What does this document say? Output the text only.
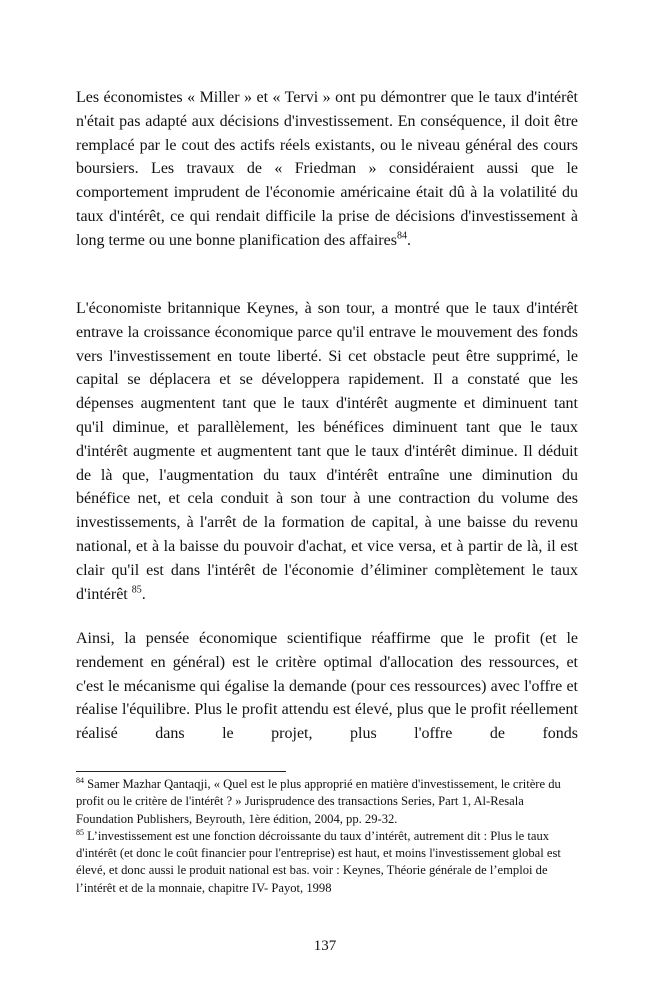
Les économistes « Miller » et « Tervi » ont pu démontrer que le taux d'intérêt n'était pas adapté aux décisions d'investissement. En conséquence, il doit être remplacé par le cout des actifs réels existants, ou le niveau général des cours boursiers. Les travaux de « Friedman » considéraient aussi que le comportement imprudent de l'économie américaine était dû à la volatilité du taux d'intérêt, ce qui rendait difficile la prise de décisions d'investissement à long terme ou une bonne planification des affaires$^{84}$.

L'économiste britannique Keynes, à son tour, a montré que le taux d'intérêt entrave la croissance économique parce qu'il entrave le mouvement des fonds vers l'investissement en toute liberté. Si cet obstacle peut être supprimé, le capital se déplacera et se développera rapidement. Il a constaté que les dépenses augmentent tant que le taux d'intérêt augmente et diminuent tant qu'il diminue, et parallèlement, les bénéfices diminuent tant que le taux d'intérêt augmente et augmentent tant que le taux d'intérêt diminue. Il déduit de là que, l'augmentation du taux d'intérêt entraîne une diminution du bénéfice net, et cela conduit à son tour à une contraction du volume des investissements, à l'arrêt de la formation de capital, à une baisse du revenu national, et à la baisse du pouvoir d'achat, et vice versa, et à partir de là, il est clair qu'il est dans l'intérêt de l'économie d’éliminer complètement le taux d'intérêt $^{85}$.

Ainsi, la pensée économique scientifique réaffirme que le profit (et le rendement en général) est le critère optimal d'allocation des ressources, et c'est le mécanisme qui égalise la demande (pour ces ressources) avec l'offre et réalise l'équilibre. Plus le profit attendu est élevé, plus que le profit réellement réalisé dans le projet, plus l'offre de fonds

$^{84}$ Samer Mazhar Qantaqji, « Quel est le plus approprié en matière d'investissement, le critère du profit ou le critère de l'intérêt ? » Jurisprudence des transactions Series, Part 1, Al-Resala Foundation Publishers, Beyrouth, 1ère édition, 2004, pp. 29-32.

$^{85}$ L’investissement est une fonction décroissante du taux d’intérêt, autrement dit : Plus le taux d'intérêt (et donc le coût financier pour l'entreprise) est haut, et moins l'investissement global est élevé, et donc aussi le produit national est bas. voir : Keynes, Théorie générale de l’emploi de l’intérêt et de la monnaie, chapitre IV- Payot, 1998

137
